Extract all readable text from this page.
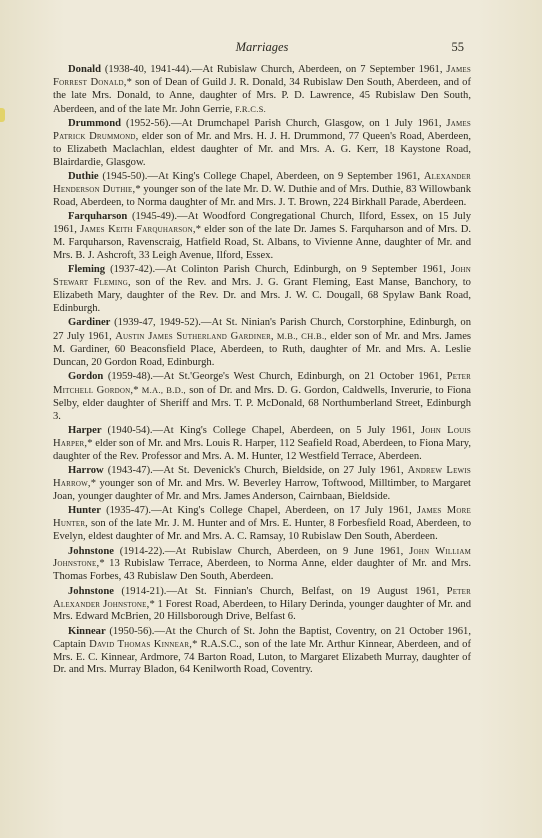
Marriages	55

Donald (1938-40, 1941-44).—At Rubislaw Church, Aberdeen, on 7 September 1961, James Forrest Donald,* son of Dean of Guild J. R. Donald, 34 Rubislaw Den South, Aberdeen, and of the late Mrs. Donald, to Anne, daughter of Mrs. P. D. Lawrence, 45 Rubislaw Den South, Aberdeen, and of the late Mr. John Gerrie, F.R.C.S.

Drummond (1952-56).—At Drumchapel Parish Church, Glasgow, on 1 July 1961, James Patrick Drummond, elder son of Mr. and Mrs. H. J. H. Drummond, 77 Queen's Road, Aberdeen, to Elizabeth Maclachlan, eldest daughter of Mr. and Mrs. A. G. Kerr, 18 Kaystone Road, Blairdardie, Glasgow.

Duthie (1945-50).—At King's College Chapel, Aberdeen, on 9 September 1961, Alexander Henderson Duthie,* younger son of the late Mr. D. W. Duthie and of Mrs. Duthie, 83 Willowbank Road, Aberdeen, to Norma daughter of Mr. and Mrs. J. T. Brown, 224 Birkhall Parade, Aberdeen.

Farquharson (1945-49).—At Woodford Congregational Church, Ilford, Essex, on 15 July 1961, James Keith Farquharson,* elder son of the late Dr. James S. Farquharson and of Mrs. D. M. Farquharson, Ravenscraig, Hatfield Road, St. Albans, to Vivienne Anne, daughter of Mr. and Mrs. B. J. Ashcroft, 33 Leigh Avenue, Ilford, Essex.

Fleming (1937-42).—At Colinton Parish Church, Edinburgh, on 9 September 1961, John Stewart Fleming, son of the Rev. and Mrs. J. G. Grant Fleming, East Manse, Banchory, to Elizabeth Mary, daughter of the Rev. Dr. and Mrs. J. W. C. Dougall, 68 Spylaw Bank Road, Edinburgh.

Gardiner (1939-47, 1949-52).—At St. Ninian's Parish Church, Corstorphine, Edinburgh, on 27 July 1961, Austin James Sutherland Gardiner, M.B., CH.B., elder son of Mr. and Mrs. James M. Gardiner, 60 Beaconsfield Place, Aberdeen, to Ruth, daughter of Mr. and Mrs. A. Leslie Duncan, 20 Gordon Road, Edinburgh.

Gordon (1959-48).—At St.'George's West Church, Edinburgh, on 21 October 1961, Peter Mitchell Gordon,* M.A., B.D., son of Dr. and Mrs. D. G. Gordon, Caldwells, Inverurie, to Fiona Selby, elder daughter of Sheriff and Mrs. T. P. McDonald, 68 Northumberland Street, Edinburgh 3.

Harper (1940-54).—At King's College Chapel, Aberdeen, on 5 July 1961, John Louis Harper,* elder son of Mr. and Mrs. Louis R. Harper, 112 Seafield Road, Aberdeen, to Fiona Mary, daughter of the Rev. Professor and Mrs. A. M. Hunter, 12 Westfield Terrace, Aberdeen.

Harrow (1943-47).—At St. Devenick's Church, Bieldside, on 27 July 1961, Andrew Lewis Harrow,* younger son of Mr. and Mrs. W. Beverley Harrow, Toftwood, Milltimber, to Margaret Joan, younger daughter of Mr. and Mrs. James Anderson, Cairnbaan, Bieldside.

Hunter (1935-47).—At King's College Chapel, Aberdeen, on 17 July 1961, James More Hunter, son of the late Mr. J. M. Hunter and of Mrs. E. Hunter, 8 Forbesfield Road, Aberdeen, to Evelyn, eldest daughter of Mr. and Mrs. A. C. Ramsay, 10 Rubislaw Den South, Aberdeen.

Johnstone (1914-22).—At Rubislaw Church, Aberdeen, on 9 June 1961, John William Johnstone,* 13 Rubislaw Terrace, Aberdeen, to Norma Anne, elder daughter of Mr. and Mrs. Thomas Forbes, 43 Rubislaw Den South, Aberdeen.

Johnstone (1914-21).—At St. Finnian's Church, Belfast, on 19 August 1961, Peter Alexander Johnstone,* 1 Forest Road, Aberdeen, to Hilary Derinda, younger daughter of Mr. and Mrs. Edward McBrien, 20 Hillsborough Drive, Belfast 6.

Kinnear (1950-56).—At the Church of St. John the Baptist, Coventry, on 21 October 1961, Captain David Thomas Kinnear,* R.A.S.C., son of the late Mr. Arthur Kinnear, Aberdeen, and of Mrs. E. C. Kinnear, Ardmore, 74 Barton Road, Luton, to Margaret Elizabeth Murray, daughter of Dr. and Mrs. Murray Bladon, 64 Kenilworth Road, Coventry.
